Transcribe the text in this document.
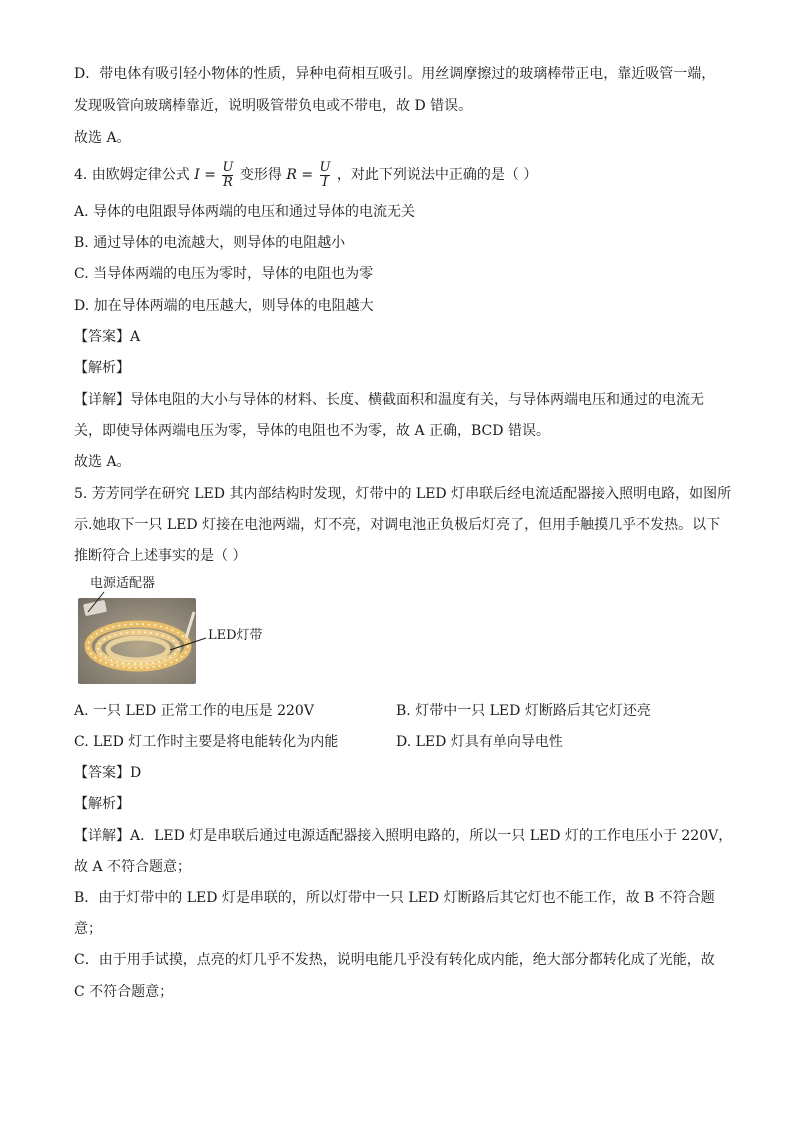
D．带电体有吸引轻小物体的性质，异种电荷相互吸引。用丝调摩擦过的玻璃棒带正电，靠近吸管一端，
发现吸管向玻璃棒靠近，说明吸管带负电或不带电，故 D 错误。
故选 A。
4. 由欧姆定律公式 $I = \frac{U}{R}$ 变形得 $R = \frac{U}{I}$ ，对此下列说法中正确的是（ ）
A. 导体的电阻跟导体两端的电压和通过导体的电流无关
B. 通过导体的电流越大，则导体的电阻越小
C. 当导体两端的电压为零时，导体的电阻也为零
D. 加在导体两端的电压越大，则导体的电阻越大
【答案】A
【解析】
【详解】导体电阻的大小与导体的材料、长度、横截面积和温度有关，与导体两端电压和通过的电流无
关，即使导体两端电压为零，导体的电阻也不为零，故 A 正确，BCD 错误。
故选 A。
5. 芳芳同学在研究 LED 其内部结构时发现，灯带中的 LED 灯串联后经电流适配器接入照明电路，如图所
示.她取下一只 LED 灯接在电池两端，灯不亮，对调电池正负极后灯亮了，但用手触摸几乎不发热。以下
推断符合上述事实的是（ ）
电源适配器
LED灯带
A. 一只 LED 正常工作的电压是 220V	B. 灯带中一只 LED 灯断路后其它灯还亮
C. LED 灯工作时主要是将电能转化为内能	D. LED 灯具有单向导电性
【答案】D
【解析】
【详解】A．LED 灯是串联后通过电源适配器接入照明电路的，所以一只 LED 灯的工作电压小于 220V，
故 A 不符合题意；
B．由于灯带中的 LED 灯是串联的，所以灯带中一只 LED 灯断路后其它灯也不能工作，故 B 不符合题
意；
C．由于用手试摸，点亮的灯几乎不发热，说明电能几乎没有转化成内能，绝大部分都转化成了光能，故
C 不符合题意；
